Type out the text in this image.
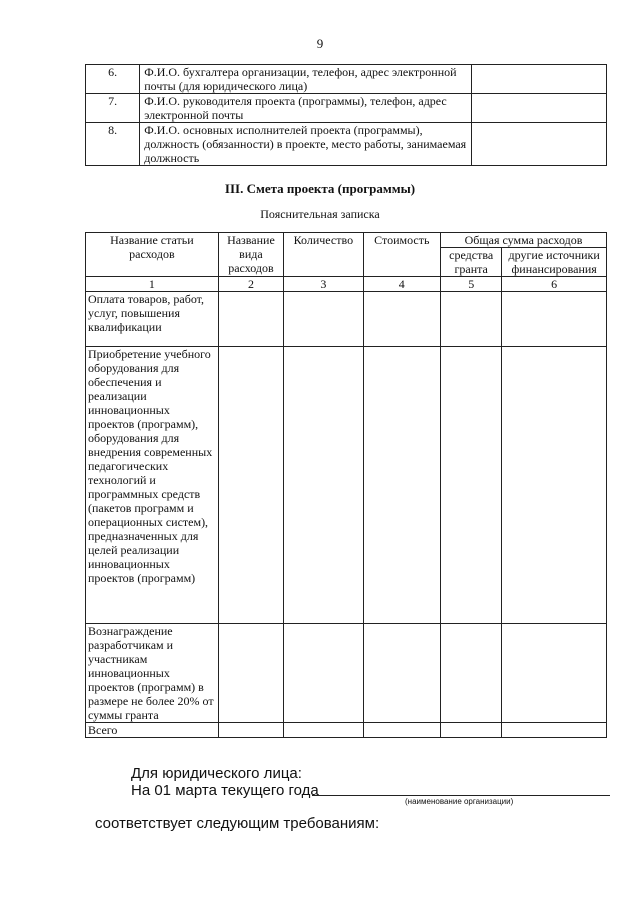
9
6.	Ф.И.О. бухгалтера организации, телефон, адрес электронной почты (для юридического лица)	
7.	Ф.И.О. руководителя проекта (программы), телефон, адрес электронной почты	
8.	Ф.И.О. основных исполнителей проекта (программы), должность (обязанности) в проекте, место работы, занимаемая должность	
III. Смета проекта (программы)
Пояснительная записка
Название статьи расходов	Название вида расходов	Количество	Стоимость	Общая сумма расходов	
				средства гранта	другие источники финансирования
1	2	3	4	5	6
Оплата товаров, работ, услуг, повышения квалификации					
Приобретение учебного оборудования для обеспечения и реализации инновационных проектов (программ), оборудования для внедрения современных педагогических технологий и программных средств (пакетов программ и операционных систем), предназначенных для целей реализации инновационных проектов (программ)					
Вознаграждение разработчикам и участникам инновационных проектов (программ) в размере не более 20% от суммы гранта					
Всего					
Для юридического лица:
На 01 марта текущего года
(наименование организации)
соответствует следующим требованиям:
